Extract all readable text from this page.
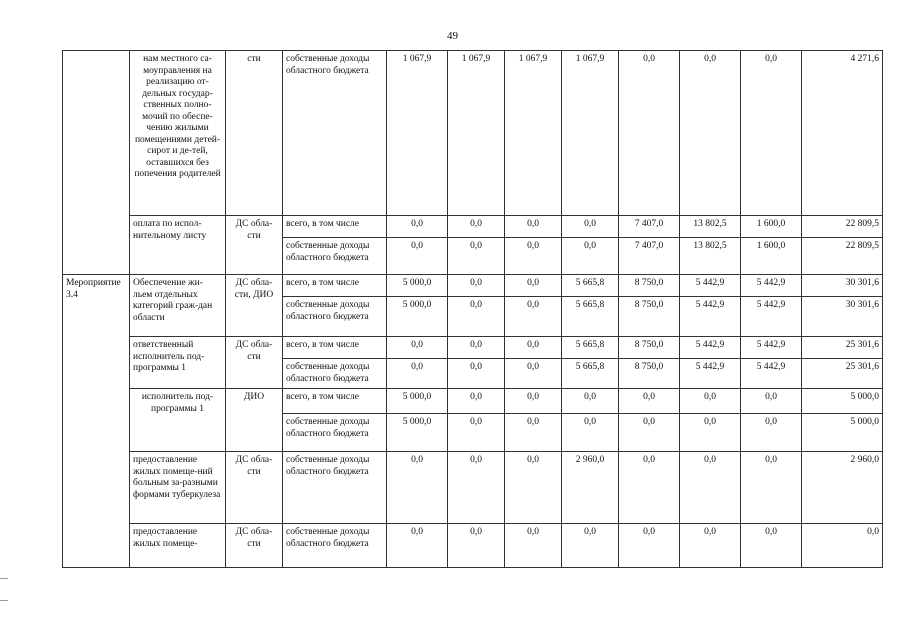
49
	нам местного са-моуправления на реализацию от-дельных государ-ственных полно-мочий по обеспе-чению жилыми помещениями детей-сирот и де-тей, оставшихся без попечения родителей	сти	собственные доходы областного бюджета	1 067,9	1 067,9	1 067,9	1 067,9	0,0	0,0	0,0	4 271,6
	оплата по испол-нительному листу	ДС обла-сти	всего, в том числе	0,0	0,0	0,0	0,0	7 407,0	13 802,5	1 600,0	22 809,5
			собственные доходы областного бюджета	0,0	0,0	0,0	0,0	7 407,0	13 802,5	1 600,0	22 809,5
Мероприятие 3.4	Обеспечение жи-льем отдельных категорий граж-дан области	ДС обла-сти, ДИО	всего, в том числе	5 000,0	0,0	0,0	5 665,8	8 750,0	5 442,9	5 442,9	30 301,6
			собственные доходы областного бюджета	5 000,0	0,0	0,0	5 665,8	8 750,0	5 442,9	5 442,9	30 301,6
	ответственный исполнитель под-программы 1	ДС обла-сти	всего, в том числе	0,0	0,0	0,0	5 665,8	8 750,0	5 442,9	5 442,9	25 301,6
			собственные доходы областного бюджета	0,0	0,0	0,0	5 665,8	8 750,0	5 442,9	5 442,9	25 301,6
	исполнитель под-программы 1	ДИО	всего, в том числе	5 000,0	0,0	0,0	0,0	0,0	0,0	0,0	5 000,0
			собственные доходы областного бюджета	5 000,0	0,0	0,0	0,0	0,0	0,0	0,0	5 000,0
	предоставление жилых помеще-ний больным за-разными формами туберкулеза	ДС обла-сти	собственные доходы областного бюджета	0,0	0,0	0,0	2 960,0	0,0	0,0	0,0	2 960,0
	предоставление жилых помеще-	ДС обла-сти	собственные доходы областного бюджета	0,0	0,0	0,0	0,0	0,0	0,0	0,0	0,0
